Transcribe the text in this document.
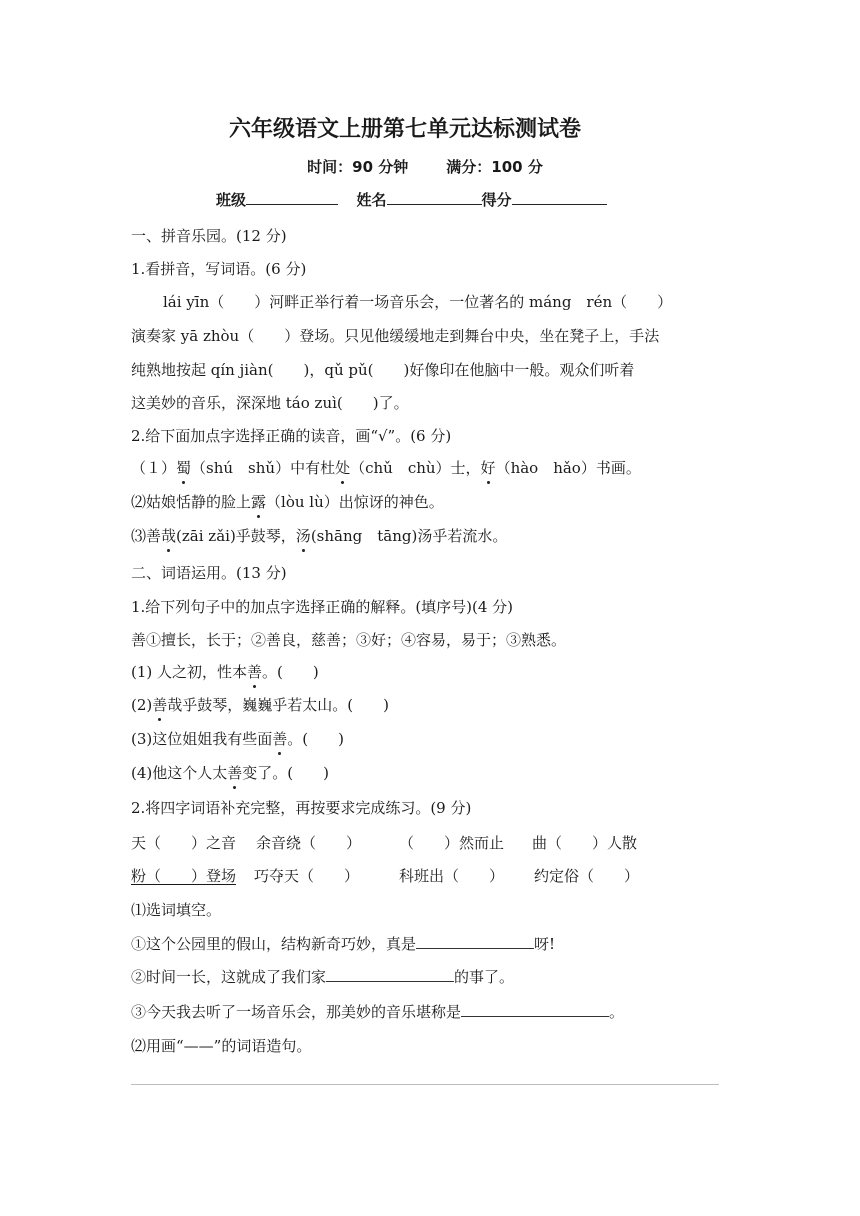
六年级语文上册第七单元达标测试卷
时间：90 分钟	满分：100 分
班级	姓名	得分
一、拼音乐园。(12 分)
1.看拼音，写词语。(6 分)
lái yīn（　　）河畔正举行着一场音乐会，一位著名的 máng　rén（　　）
演奏家 yā zhòu（　　）登场。只见他缓缓地走到舞台中央，坐在凳子上，手法
纯熟地按起 qín jiàn(　　)，qǔ pǔ(　　)好像印在他脑中一般。观众们听着
这美妙的音乐，深深地 táo zuì(　　)了。
2.给下面加点字选择正确的读音，画“√”。(6 分)
（１）蜀（shú　shǔ）中有杜处（chǔ　chù）士，好（hào　hǎo）书画。
⑵姑娘恬静的脸上露（lòu lù）出惊讶的神色。
⑶善哉(zāi zǎi)乎鼓琴，汤(shāng　tāng)汤乎若流水。
二、词语运用。(13 分)
1.给下列句子中的加点字选择正确的解释。(填序号)(4 分)
善①擅长，长于；②善良，慈善；③好；④容易，易于；③熟悉。
(1) 人之初，性本善。(　　)
(2)善哉乎鼓琴，巍巍乎若太山。(　　)
(3)这位姐姐我有些面善。(　　)
(4)他这个人太善变了。(　　)
2.将四字词语补充完整，再按要求完成练习。(9 分)
天（　　）之音 余音绕（　　）	（　　）然而止 曲（　　）人散
粉（　　）登场 巧夺天（　　）	科班出（　　） 约定俗（　　）
⑴选词填空。
①这个公园里的假山，结构新奇巧妙，真是	呀!
②时间一长，这就成了我们家	的事了。
③今天我去听了一场音乐会，那美妙的音乐堪称是	。
⑵用画“——”的词语造句。
